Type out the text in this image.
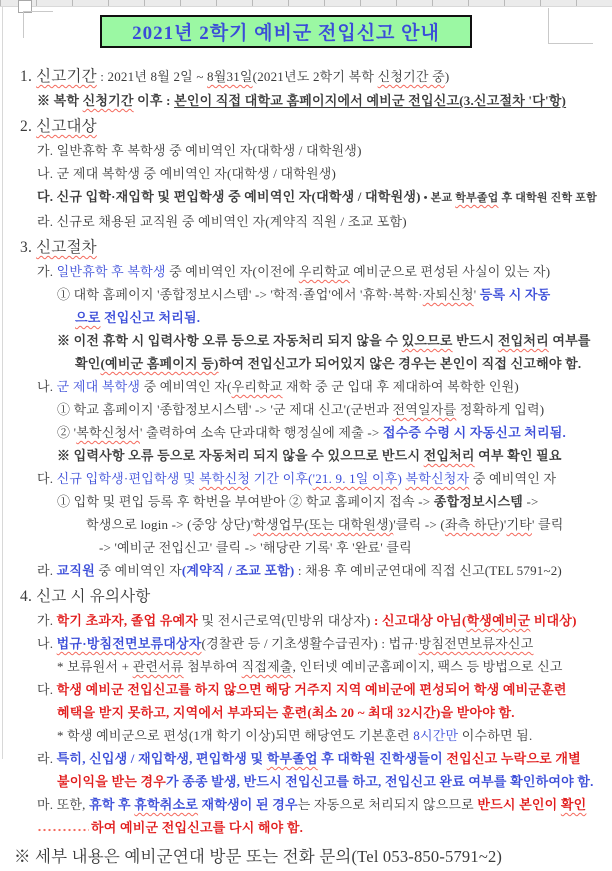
2021년 2학기 예비군 전입신고 안내
1. 신고기간 : 2021년 8월 2일 ~ 8월31일(2021년도 2학기 복학 신청기간 중)
※ 복학 신청기간 이후 : 본인이 직접 대학교 홈페이지에서 예비군 전입신고(3.신고절차 '다'항)
2. 신고대상
가. 일반휴학 후 복학생 중 예비역인 자(대학생 / 대학원생)
나. 군 제대 복학생 중 예비역인 자(대학생 / 대학원생)
다. 신규 입학·재입학 및 편입학생 중 예비역인 자(대학생 / 대학원생) • 본교 학부졸업 후 대학원 진학 포함
라. 신규로 채용된 교직원 중 예비역인 자(계약직 직원 / 조교 포함)
3. 신고절차
가. 일반휴학 후 복학생 중 예비역인 자(이전에 우리학교 예비군으로 편성된 사실이 있는 자)
① 대학 홈페이지 '종합정보시스템' -> '학적·졸업'에서 '휴학·복학·자퇴신청' 등록 시 자동
으로 전입신고 처리됨.
※ 이전 휴학 시 입력사항 오류 등으로 자동처리 되지 않을 수 있으므로 반드시 전입처리 여부를
확인(예비군 홈페이지 등)하여 전입신고가 되어있지 않은 경우는 본인이 직접 신고해야 함.
나. 군 제대 복학생 중 예비역인 자(우리학교 재학 중 군 입대 후 제대하여 복학한 인원)
① 학교 홈페이지 '종합정보시스템' -> '군 제대 신고'(군번과 전역일자를 정확하게 입력)
② '복학신청서' 출력하여 소속 단과대학 행정실에 제출 -> 접수증 수령 시 자동신고 처리됨.
※ 입력사항 오류 등으로 자동처리 되지 않을 수 있으므로 반드시 전입처리 여부 확인 필요
다. 신규 입학생·편입학생 및 복학신청 기간 이후('21. 9. 1일 이후) 복학신청자 중 예비역인 자
① 입학 및 편입 등록 후 학번을 부여받아 ② 학교 홈페이지 접속 -> 종합정보시스템 ->
학생으로 login -> (중앙 상단)'학생업무(또는 대학원생)'클릭 -> (좌측 하단)'기타' 클릭
-> '예비군 전입신고' 클릭 -> '해당란 기록' 후 '완료' 클릭
라. 교직원 중 예비역인 자(계약직 / 조교 포함) : 채용 후 예비군연대에 직접 신고(TEL 5791~2)
4. 신고 시 유의사항
가. 학기 초과자, 졸업 유예자 및 전시근로역(민방위 대상자) : 신고대상 아님(학생예비군 비대상)
나. 법규·방침전면보류대상자(경찰관 등 / 기초생활수급권자) : 법규·방침전면보류자신고
* 보류원서 + 관련서류 첨부하여 직접제출, 인터넷 예비군홈페이지, 팩스 등 방법으로 신고
다. 학생 예비군 전입신고를 하지 않으면 해당 거주지 지역 예비군에 편성되어 학생 예비군훈련
혜택을 받지 못하고, 지역에서 부과되는 훈련(최소 20 ~ 최대 32시간)을 받아야 함.
* 학생 예비군으로 편성(1개 학기 이상)되면 해당연도 기본훈련 8시간만 이수하면 됨.
라. 특히, 신입생 / 재입학생, 편입학생 및 학부졸업 후 대학원 진학생들이 전입신고 누락으로 개별
불이익을 받는 경우가 종종 발생, 반드시 전입신고를 하고, 전입신고 완료 여부를 확인하여야 함.
마. 또한, 휴학 후 휴학취소로 재학생이 된 경우는 자동으로 처리되지 않으므로 반드시 본인이 확인
하여 예비군 전입신고를 다시 해야 함.
※ 세부 내용은 예비군연대 방문 또는 전화 문의(Tel 053-850-5791~2)
